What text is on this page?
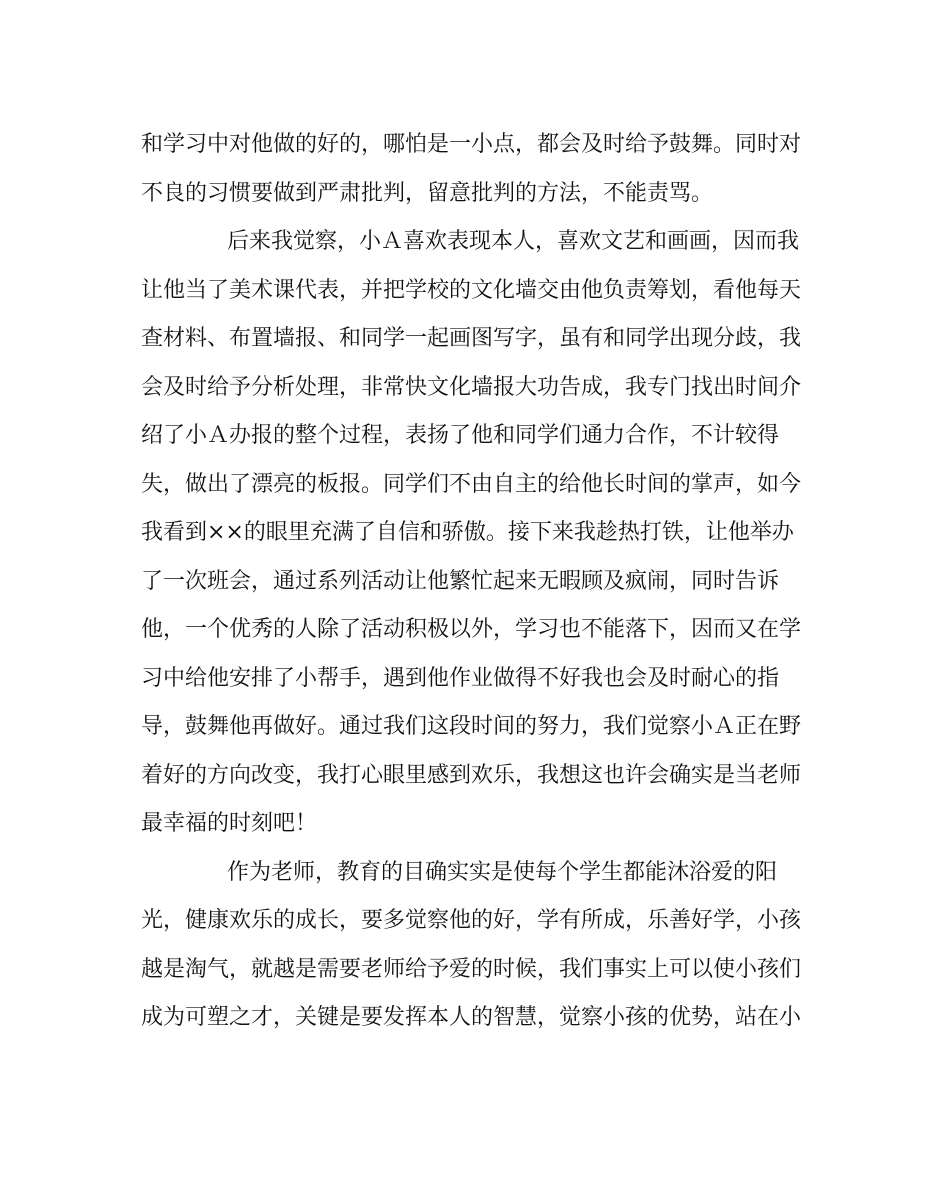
和学习中对他做的好的，哪怕是一小点，都会及时给予鼓舞。同时对
不良的习惯要做到严肃批判，留意批判的方法，不能责骂。
后来我觉察，小Ａ喜欢表现本人，喜欢文艺和画画，因而我
让他当了美术课代表，并把学校的文化墙交由他负责筹划，看他每天
查材料、布置墙报、和同学一起画图写字，虽有和同学出现分歧，我
会及时给予分析处理，非常快文化墙报大功告成，我专门找出时间介
绍了小Ａ办报的整个过程，表扬了他和同学们通力合作，不计较得
失，做出了漂亮的板报。同学们不由自主的给他长时间的掌声，如今
我看到××的眼里充满了自信和骄傲。接下来我趁热打铁，让他举办
了一次班会，通过系列活动让他繁忙起来无暇顾及疯闹，同时告诉
他，一个优秀的人除了活动积极以外，学习也不能落下，因而又在学
习中给他安排了小帮手，遇到他作业做得不好我也会及时耐心的指
导，鼓舞他再做好。通过我们这段时间的努力，我们觉察小Ａ正在野
着好的方向改变，我打心眼里感到欢乐，我想这也许会确实是当老师
最幸福的时刻吧！
作为老师，教育的目确实实是使每个学生都能沐浴爱的阳
光，健康欢乐的成长，要多觉察他的好，学有所成，乐善好学，小孩
越是淘气，就越是需要老师给予爱的时候，我们事实上可以使小孩们
成为可塑之才，关键是要发挥本人的智慧，觉察小孩的优势，站在小
